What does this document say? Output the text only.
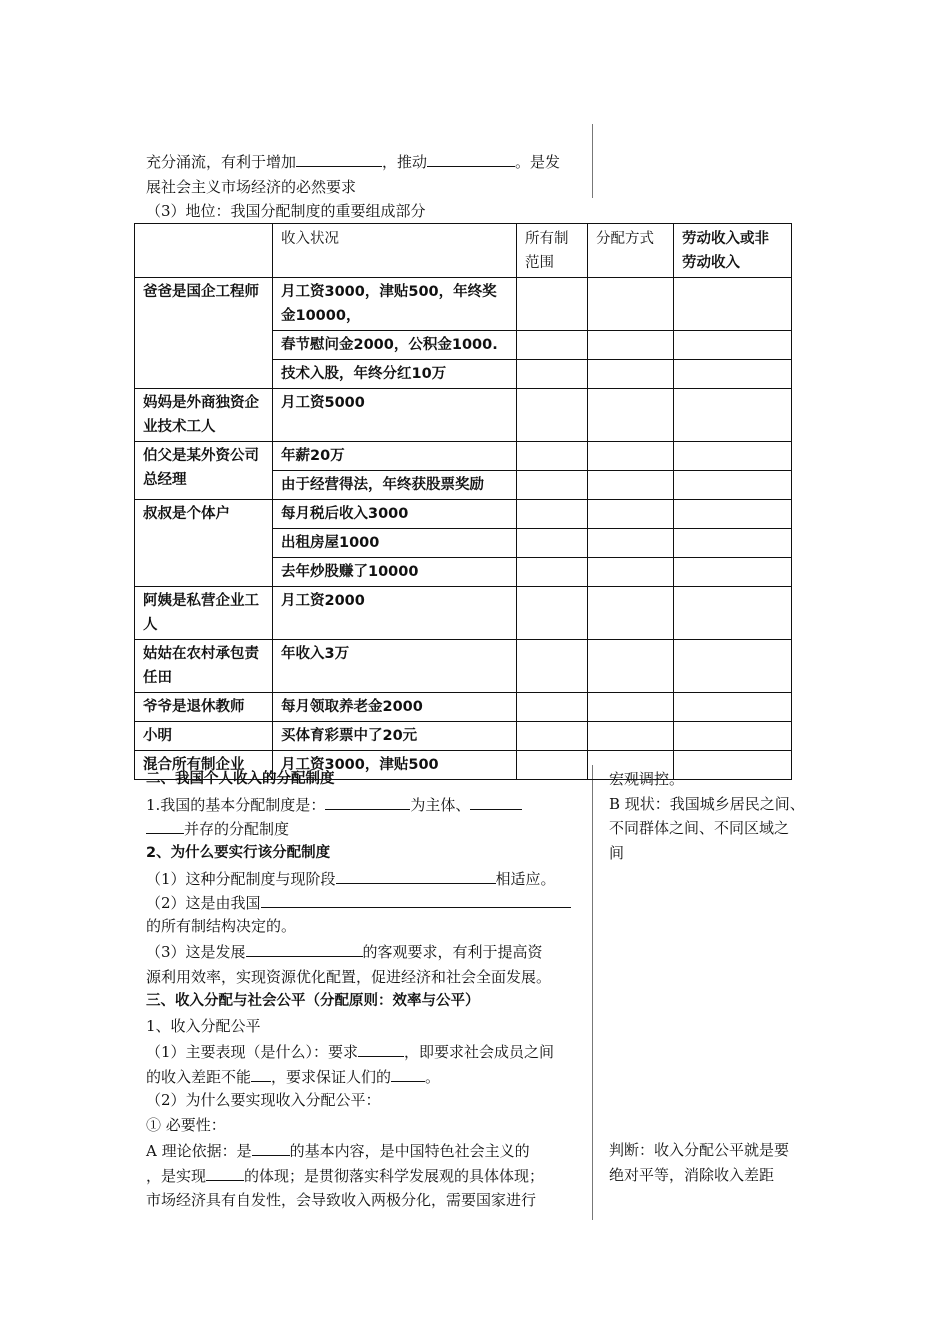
充分涌流，有利于增加	，推动	。是发
展社会主义市场经济的必然要求
（3）地位：我国分配制度的重要组成部分
	收入状况	所有制范围	分配方式	劳动收入或非劳动收入
爸爸是国企工程师	月工资3000，津贴500，年终奖金10000，			
	春节慰问金2000，公积金1000.			
	技术入股，年终分红10万			
妈妈是外商独资企业技术工人	月工资5000			
伯父是某外资公司总经理	年薪20万			
	由于经营得法，年终获股票奖励			
叔叔是个体户	每月税后收入3000			
	出租房屋1000			
	去年炒股赚了10000			
阿姨是私营企业工人	月工资2000			
姑姑在农村承包责任田	年收入3万			
爷爷是退休教师	每月领取养老金2000			
小明	买体育彩票中了20元			
混合所有制企业	月工资3000，津贴500			
二、我国个人收入的分配制度
1.我国的基本分配制度是：	为主体、
并存的分配制度
2、为什么要实行该分配制度
（1）这种分配制度与现阶段	相适应。
（2）这是由我国
的所有制结构决定的。
（3）这是发展	的客观要求，有利于提高资
源利用效率，实现资源优化配置，促进经济和社会全面发展。
三、收入分配与社会公平（分配原则：效率与公平）
1、收入分配公平
（1）主要表现（是什么）：要求	，即要求社会成员之间
的收入差距不能 ，要求保证人们的 。
（2）为什么要实现收入分配公平：
① 必要性：
A 理论依据：是	的基本内容，是中国特色社会主义的
，是实现	的体现；是贯彻落实科学发展观的具体体现；
市场经济具有自发性，会导致收入两极分化，需要国家进行
宏观调控。
B 现状：我国城乡居民之间、
不同群体之间、不同区域之
间
判断：收入分配公平就是要
绝对平等，消除收入差距
